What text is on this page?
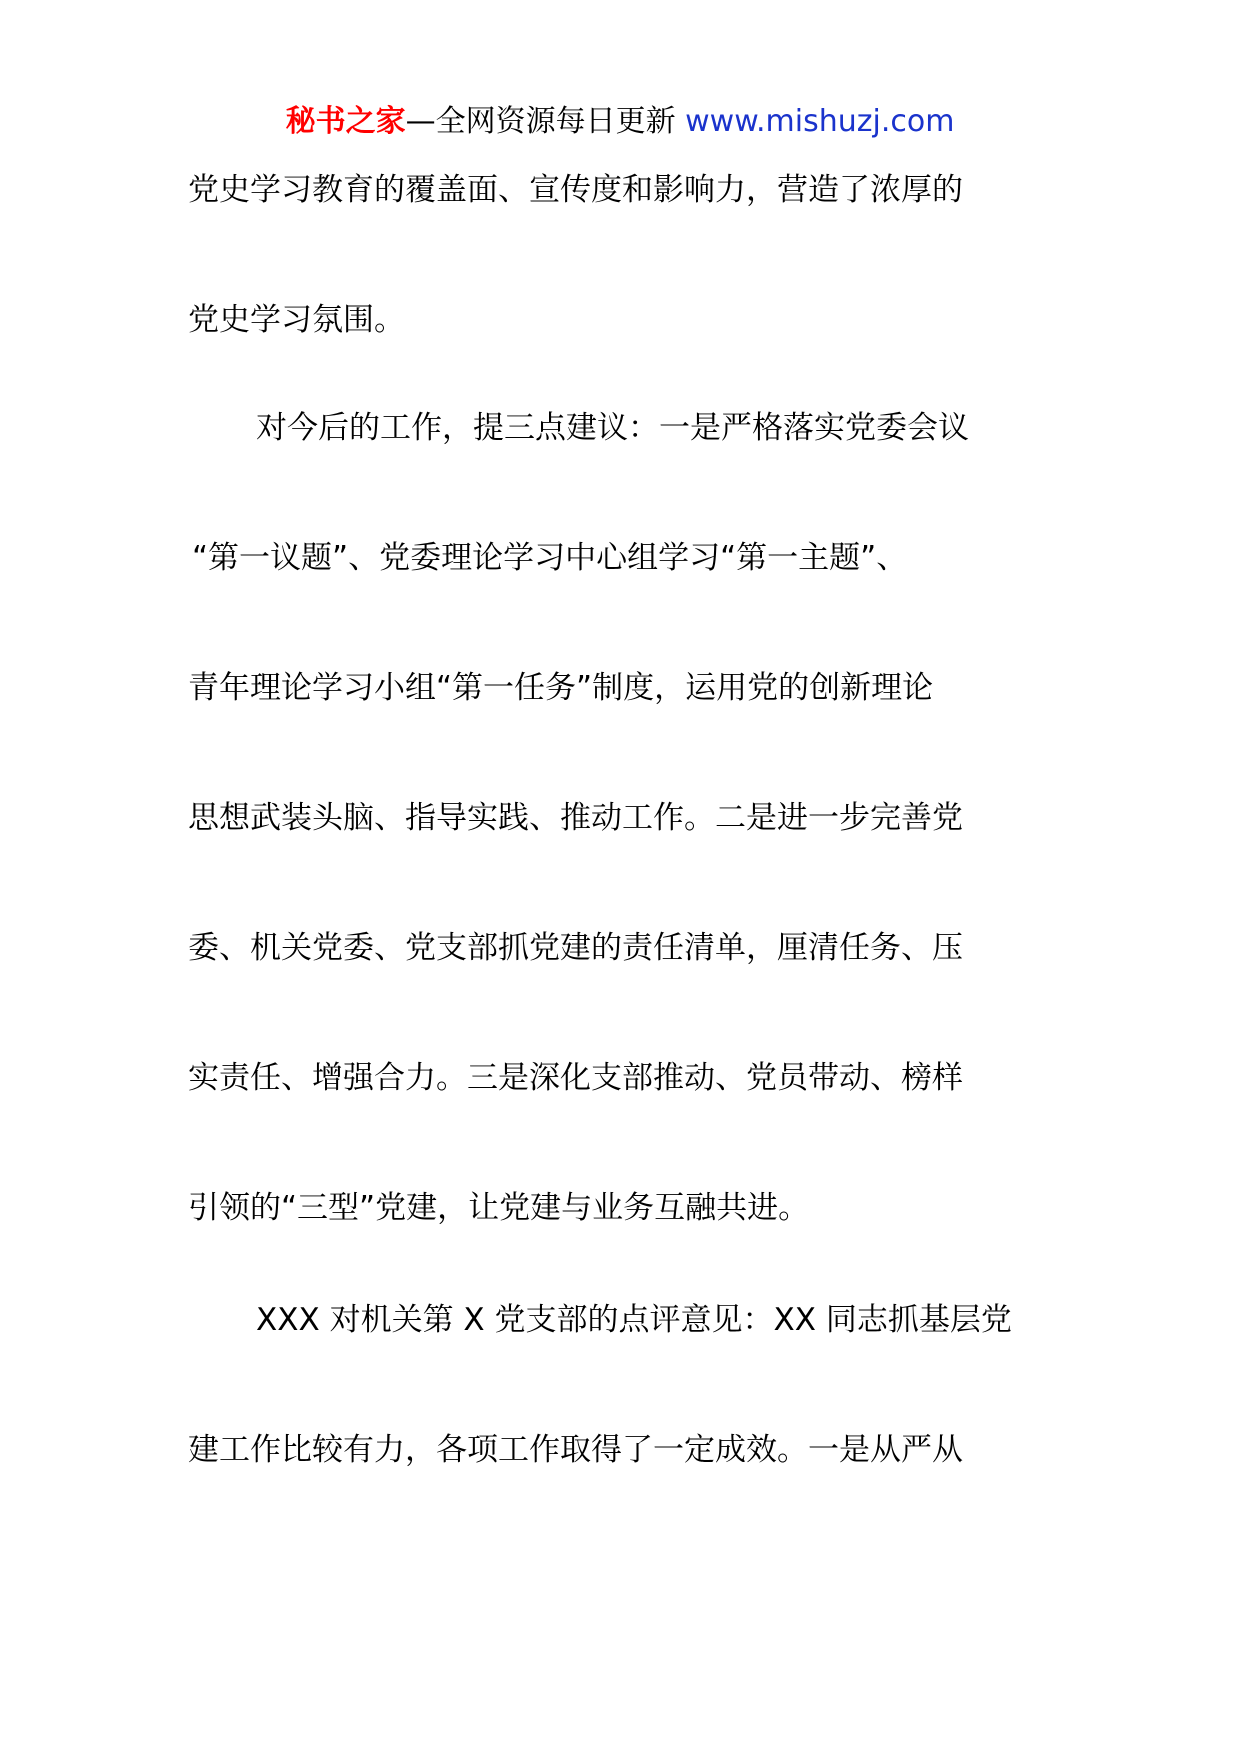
秘书之家—全网资源每日更新 www.mishuzj.com
党史学习教育的覆盖面、宣传度和影响力，营造了浓厚的
党史学习氛围。
对今后的工作，提三点建议：一是严格落实党委会议
“第一议题”、党委理论学习中心组学习“第一主题”、
青年理论学习小组“第一任务”制度，运用党的创新理论
思想武装头脑、指导实践、推动工作。二是进一步完善党
委、机关党委、党支部抓党建的责任清单，厘清任务、压
实责任、增强合力。三是深化支部推动、党员带动、榜样
引领的“三型”党建，让党建与业务互融共进。
XXX 对机关第 X 党支部的点评意见：XX 同志抓基层党
建工作比较有力，各项工作取得了一定成效。一是从严从
